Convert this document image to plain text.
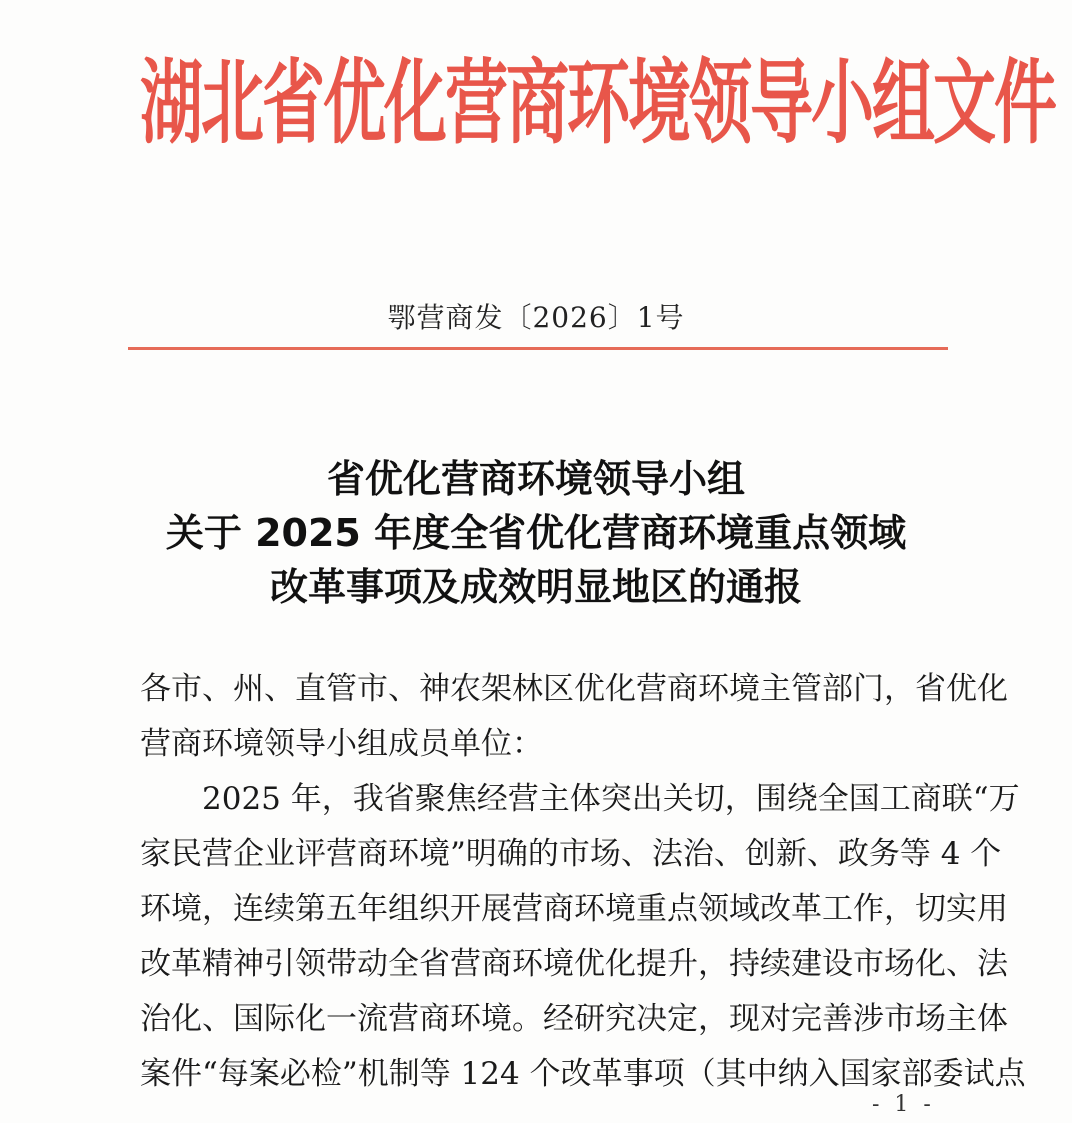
湖北省优化营商环境领导小组文件
鄂营商发〔2026〕1号
省优化营商环境领导小组
关于 2025 年度全省优化营商环境重点领域
改革事项及成效明显地区的通报
各市、州、直管市、神农架林区优化营商环境主管部门，省优化
营商环境领导小组成员单位：
2025 年，我省聚焦经营主体突出关切，围绕全国工商联“万
家民营企业评营商环境”明确的市场、法治、创新、政务等 4 个
环境，连续第五年组织开展营商环境重点领域改革工作，切实用
改革精神引领带动全省营商环境优化提升，持续建设市场化、法
治化、国际化一流营商环境。经研究决定，现对完善涉市场主体
案件“每案必检”机制等 124 个改革事项（其中纳入国家部委试点
- 1 -
